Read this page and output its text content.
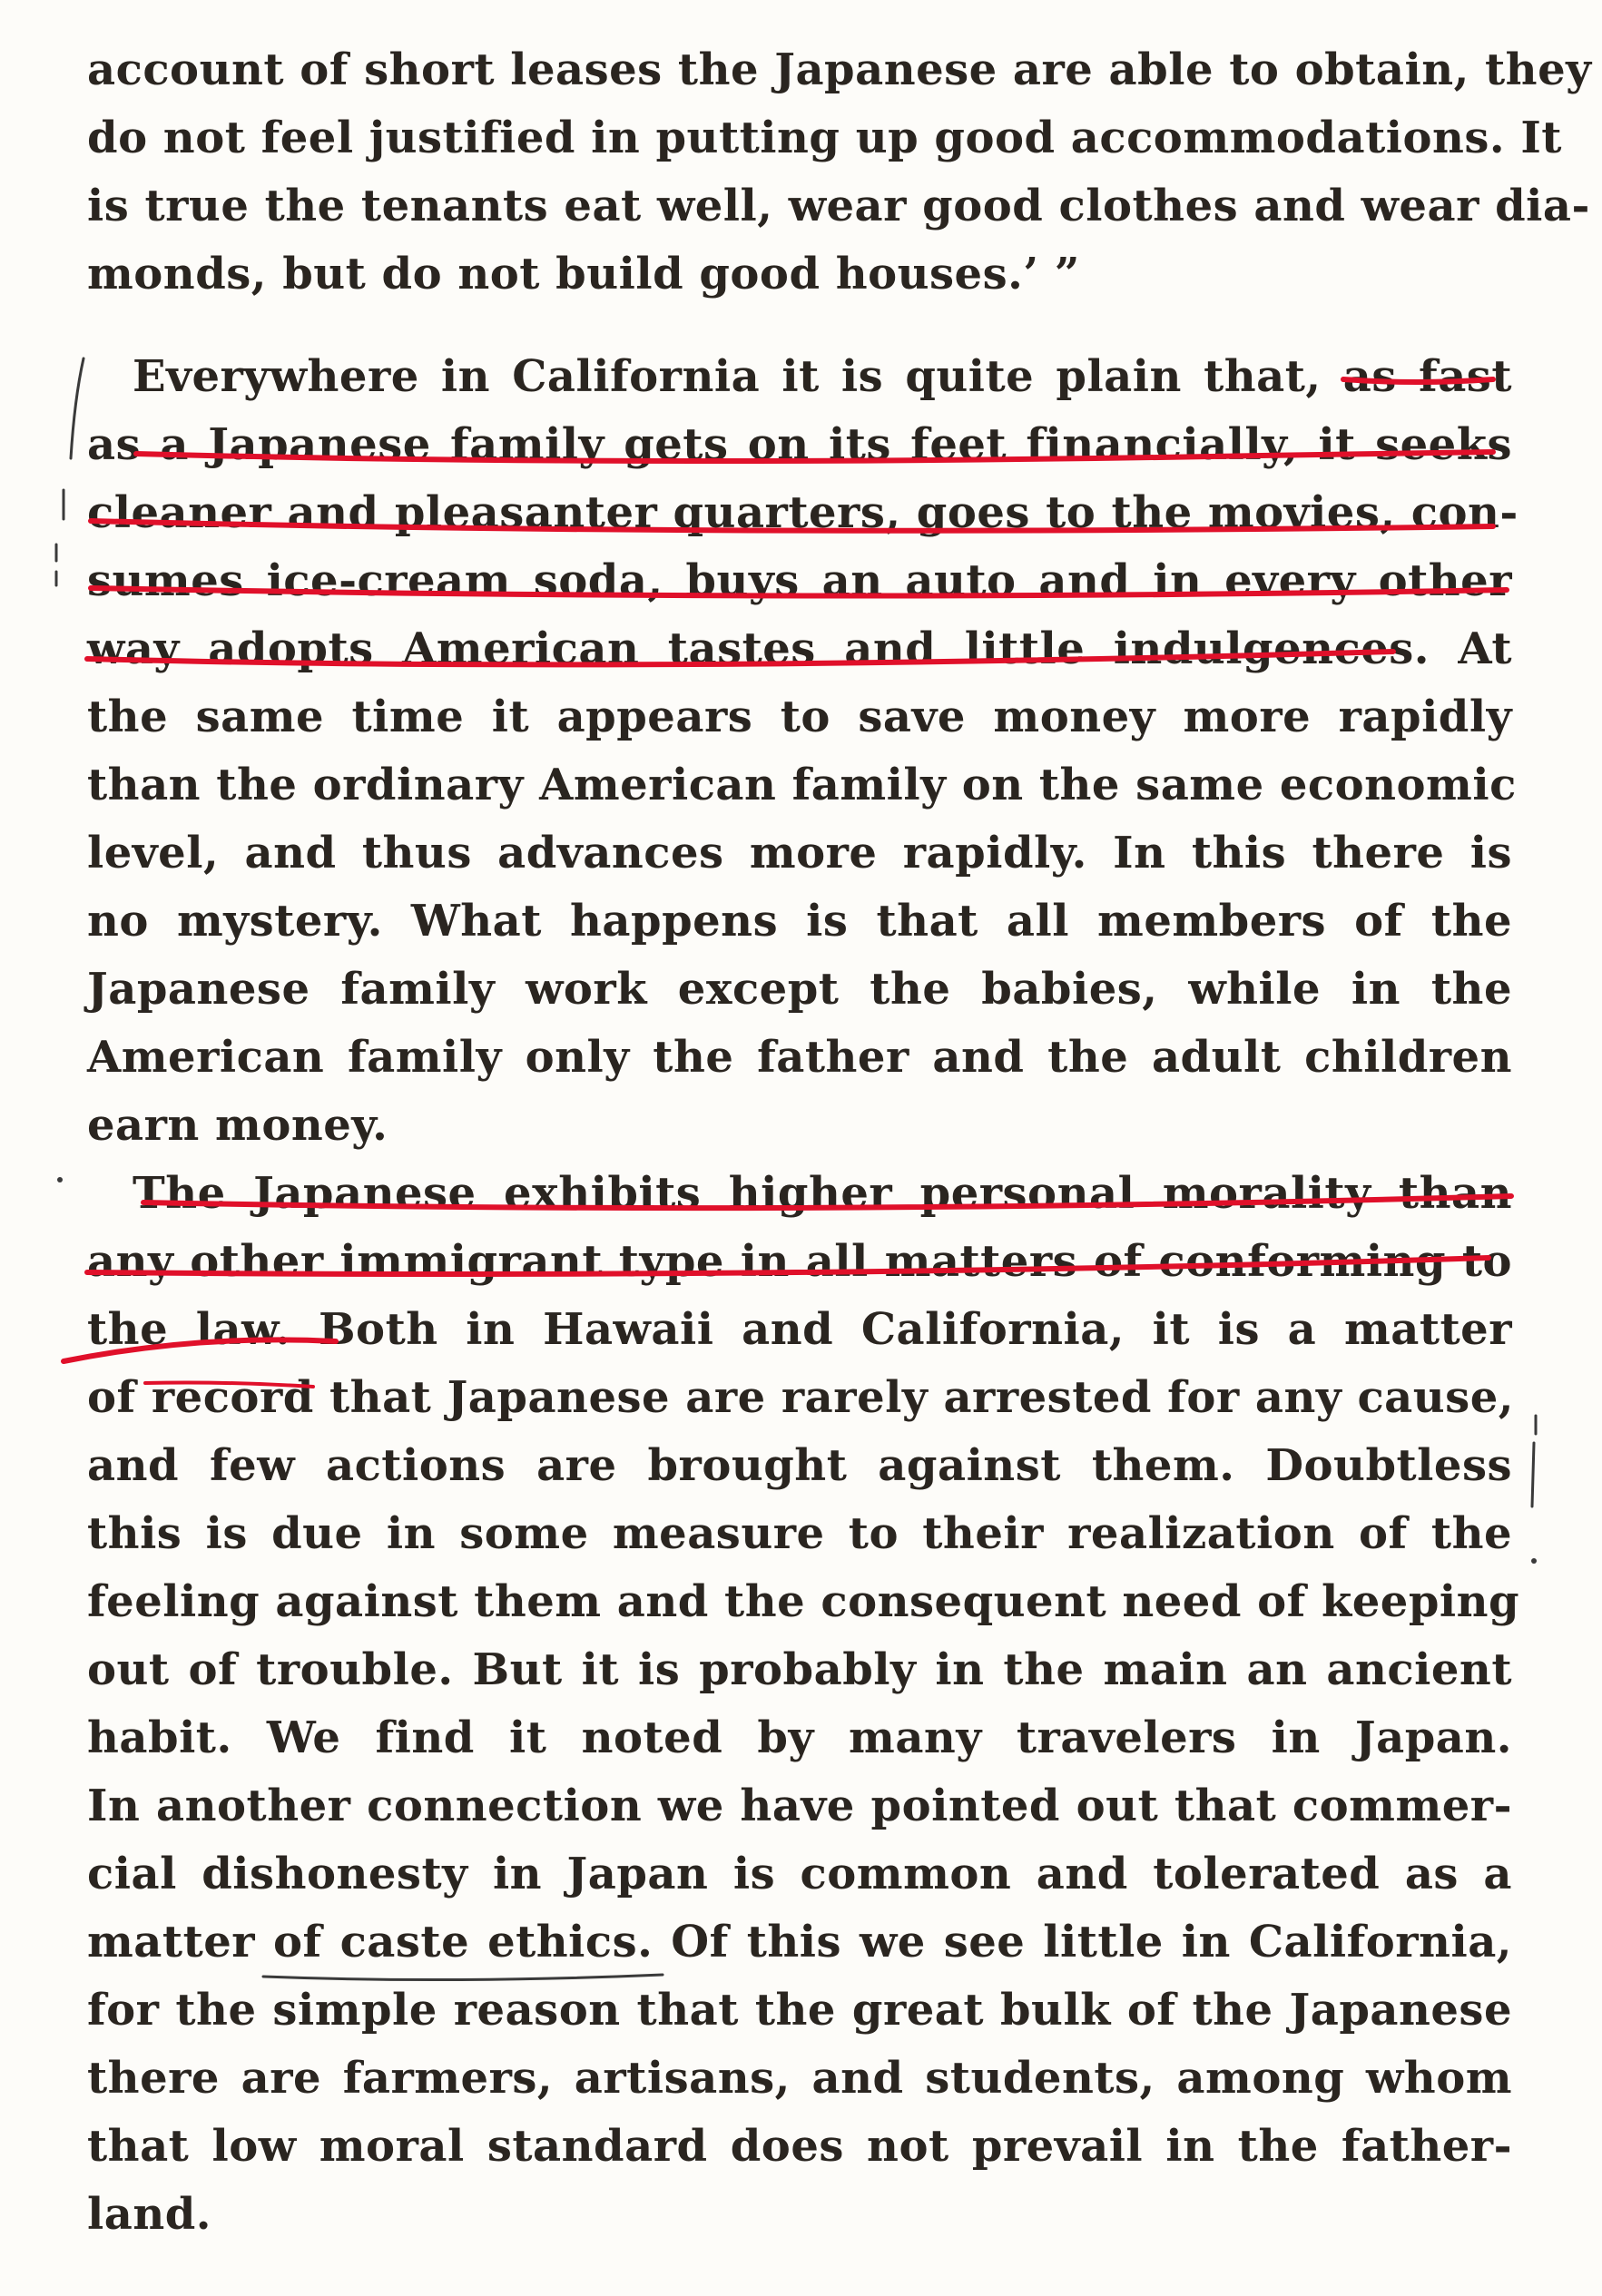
account of short leases the Japanese are able to obtain, they
do not feel justified in putting up good accommodations. It
is true the tenants eat well, wear good clothes and wear dia-
monds, but do not build good houses.’ ”
Everywhere in California it is quite plain that, as fast
as a Japanese family gets on its feet financially, it seeks
cleaner and pleasanter quarters, goes to the movies, con-
sumes ice-cream soda, buys an auto and in every other
way adopts American tastes and little indulgences. At
the same time it appears to save money more rapidly
than the ordinary American family on the same economic
level, and thus advances more rapidly. In this there is
no mystery. What happens is that all members of the
Japanese family work except the babies, while in the
American family only the father and the adult children
earn money.
The Japanese exhibits higher personal morality than
any other immigrant type in all matters of conforming to
the law. Both in Hawaii and California, it is a matter
of record that Japanese are rarely arrested for any cause,
and few actions are brought against them. Doubtless
this is due in some measure to their realization of the
feeling against them and the consequent need of keeping
out of trouble. But it is probably in the main an ancient
habit. We find it noted by many travelers in Japan.
In another connection we have pointed out that commer-
cial dishonesty in Japan is common and tolerated as a
matter of caste ethics. Of this we see little in California,
for the simple reason that the great bulk of the Japanese
there are farmers, artisans, and students, among whom
that low moral standard does not prevail in the father-
land.
